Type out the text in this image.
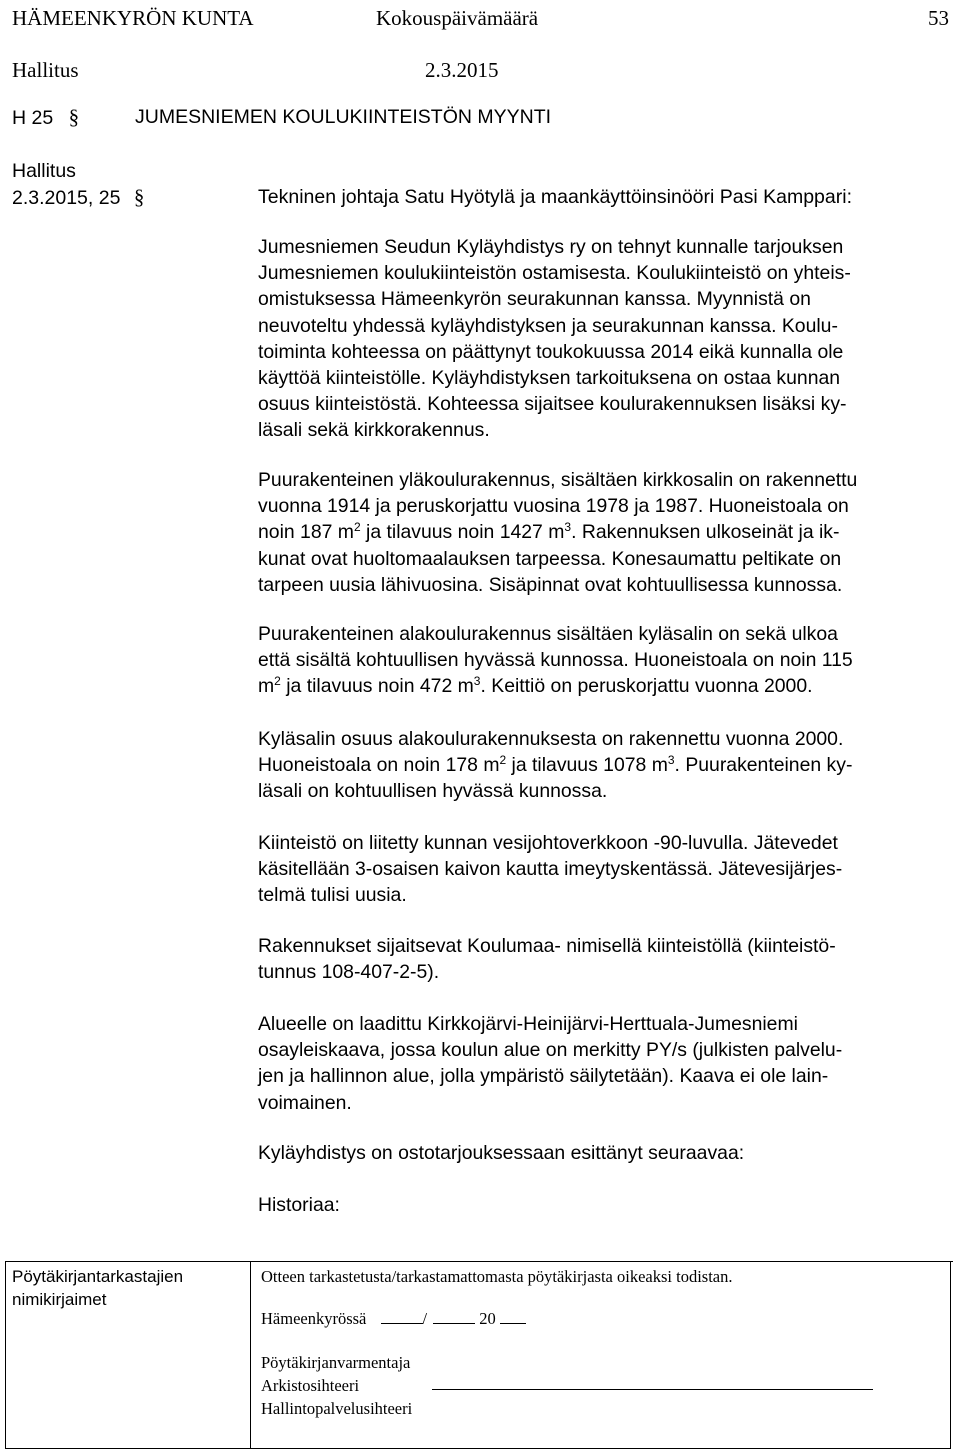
HÄMEENKYRÖN KUNTA	Kokouspäivämäärä	53
Hallitus	2.3.2015
H 25 §	JUMESNIEMEN KOULUKIINTEISTÖN MYYNTI
Hallitus
2.3.2015, 25 §	Tekninen johtaja Satu Hyötylä ja maankäyttöinsinööri Pasi Kamppari:
Jumesniemen Seudun Kyläyhdistys ry on tehnyt kunnalle tarjouksen
Jumesniemen koulukiinteistön ostamisesta. Koulukiinteistö on yhteis-
omistuksessa Hämeenkyrön seurakunnan kanssa. Myynnistä on
neuvoteltu yhdessä kyläyhdistyksen ja seurakunnan kanssa. Koulu-
toiminta kohteessa on päättynyt toukokuussa 2014 eikä kunnalla ole
käyttöä kiinteistölle. Kyläyhdistyksen tarkoituksena on ostaa kunnan
osuus kiinteistöstä. Kohteessa sijaitsee koulurakennuksen lisäksi ky-
läsali sekä kirkkorakennus.
Puurakenteinen yläkoulurakennus, sisältäen kirkkosalin on rakennettu
vuonna 1914 ja peruskorjattu vuosina 1978 ja 1987. Huoneistoala on
noin 187 $m^2$ ja tilavuus noin 1427 $m^3$. Rakennuksen ulkoseinät ja ik-
kunat ovat huoltomaalauksen tarpeessa. Konesaumattu peltikate on
tarpeen uusia lähivuosina. Sisäpinnat ovat kohtuullisessa kunnossa.
Puurakenteinen alakoulurakennus sisältäen kyläsalin on sekä ulkoa
että sisältä kohtuullisen hyvässä kunnossa. Huoneistoala on noin 115
$m^2$ ja tilavuus noin 472 $m^3$. Keittiö on peruskorjattu vuonna 2000.
Kyläsalin osuus alakoulurakennuksesta on rakennettu vuonna 2000.
Huoneistoala on noin 178 $m^2$ ja tilavuus 1078 $m^3$. Puurakenteinen ky-
läsali on kohtuullisen hyvässä kunnossa.
Kiinteistö on liitetty kunnan vesijohtoverkkoon -90-luvulla. Jätevedet
käsitellään 3-osaisen kaivon kautta imeytyskentässä. Jätevesijärjes-
telmä tulisi uusia.
Rakennukset sijaitsevat Koulumaa- nimisellä kiinteistöllä (kiinteistö-
tunnus 108-407-2-5).
Alueelle on laadittu Kirkkojärvi-Heinijärvi-Herttuala-Jumesniemi
osayleiskaava, jossa koulun alue on merkitty PY/s (julkisten palvelu-
jen ja hallinnon alue, jolla ympäristö säilytetään). Kaava ei ole lain-
voimainen.
Kyläyhdistys on ostotarjouksessaan esittänyt seuraavaa:
Historiaa:
Pöytäkirjantarkastajien
nimikirjaimet
Otteen tarkastetusta/tarkastamattomasta pöytäkirjasta oikeaksi todistan.
Hämeenkyrössä	/	20
Pöytäkirjanvarmentaja
Arkistosihteeri
Hallintopalvelusihteeri
